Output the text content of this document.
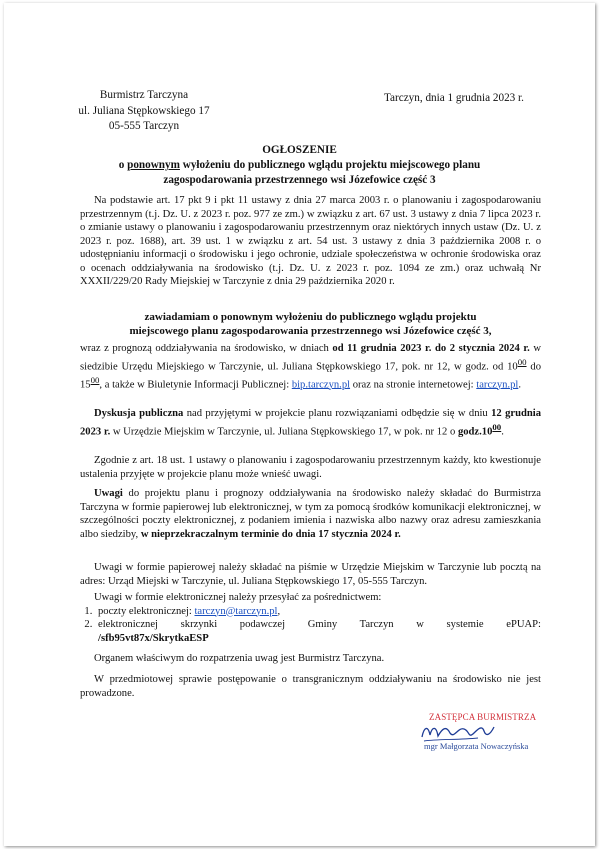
Burmistrz Tarczyna
ul. Juliana Stępkowskiego 17
05-555 Tarczyn
Tarczyn, dnia 1 grudnia 2023 r.
OGŁOSZENIE
o ponownym wyłożeniu do publicznego wglądu projektu miejscowego planu
zagospodarowania przestrzennego wsi Józefowice część 3

Na podstawie art. 17 pkt 9 i pkt 11 ustawy z dnia 27 marca 2003 r. o planowaniu i zagospodarowaniu przestrzennym (t.j. Dz. U. z 2023 r. poz. 977 ze zm.) w związku z art. 67 ust. 3 ustawy z dnia 7 lipca 2023 r. o zmianie ustawy o planowaniu i zagospodarowaniu przestrzennym oraz niektórych innych ustaw (Dz. U. z 2023 r. poz. 1688), art. 39 ust. 1 w związku z art. 54 ust. 3 ustawy z dnia 3 października 2008 r. o udostępnianiu informacji o środowisku i jego ochronie, udziale społeczeństwa w ochronie środowiska oraz o ocenach oddziaływania na środowisko (t.j. Dz. U. z 2023 r. poz. 1094 ze zm.) oraz uchwałą Nr XXXII/229/20 Rady Miejskiej w Tarczynie z dnia 29 października 2020 r.

zawiadamiam o ponownym wyłożeniu do publicznego wglądu projektu
miejscowego planu zagospodarowania przestrzennego wsi Józefowice część 3,

wraz z prognozą oddziaływania na środowisko, w dniach od 11 grudnia 2023 r. do 2 stycznia 2024 r. w siedzibie Urzędu Miejskiego w Tarczynie, ul. Juliana Stępkowskiego 17, pok. nr 12, w godz. od $10^{00}$ do $15^{00}$, a także w Biuletynie Informacji Publicznej: bip.tarczyn.pl oraz na stronie internetowej: tarczyn.pl.

Dyskusja publiczna nad przyjętymi w projekcie planu rozwiązaniami odbędzie się w dniu 12 grudnia 2023 r. w Urzędzie Miejskim w Tarczynie, ul. Juliana Stępkowskiego 17, w pok. nr 12 o $godz.10^{00}$.

Zgodnie z art. 18 ust. 1 ustawy o planowaniu i zagospodarowaniu przestrzennym każdy, kto kwestionuje ustalenia przyjęte w projekcie planu może wnieść uwagi.

Uwagi do projektu planu i prognozy oddziaływania na środowisko należy składać do Burmistrza Tarczyna w formie papierowej lub elektronicznej, w tym za pomocą środków komunikacji elektronicznej, w szczególności poczty elektronicznej, z podaniem imienia i nazwiska albo nazwy oraz adresu zamieszkania albo siedziby, w nieprzekraczalnym terminie do dnia 17 stycznia 2024 r.

Uwagi w formie papierowej należy składać na piśmie w Urzędzie Miejskim w Tarczynie lub pocztą na adres: Urząd Miejski w Tarczynie, ul. Juliana Stępkowskiego 17, 05-555 Tarczyn.

Uwagi w formie elektronicznej należy przesyłać za pośrednictwem:

1. poczty elektronicznej: tarczyn@tarczyn.pl,
2. elektronicznej skrzynki podawczej Gminy Tarczyn w systemie ePUAP:
/sfb95vt87x/SkrytkaESP

Organem właściwym do rozpatrzenia uwag jest Burmistrz Tarczyna.

W przedmiotowej sprawie postępowanie o transgranicznym oddziaływaniu na środowisko nie jest prowadzone.

ZASTĘPCA BURMISTRZA
mgr Małgorzata Nowaczyńska
